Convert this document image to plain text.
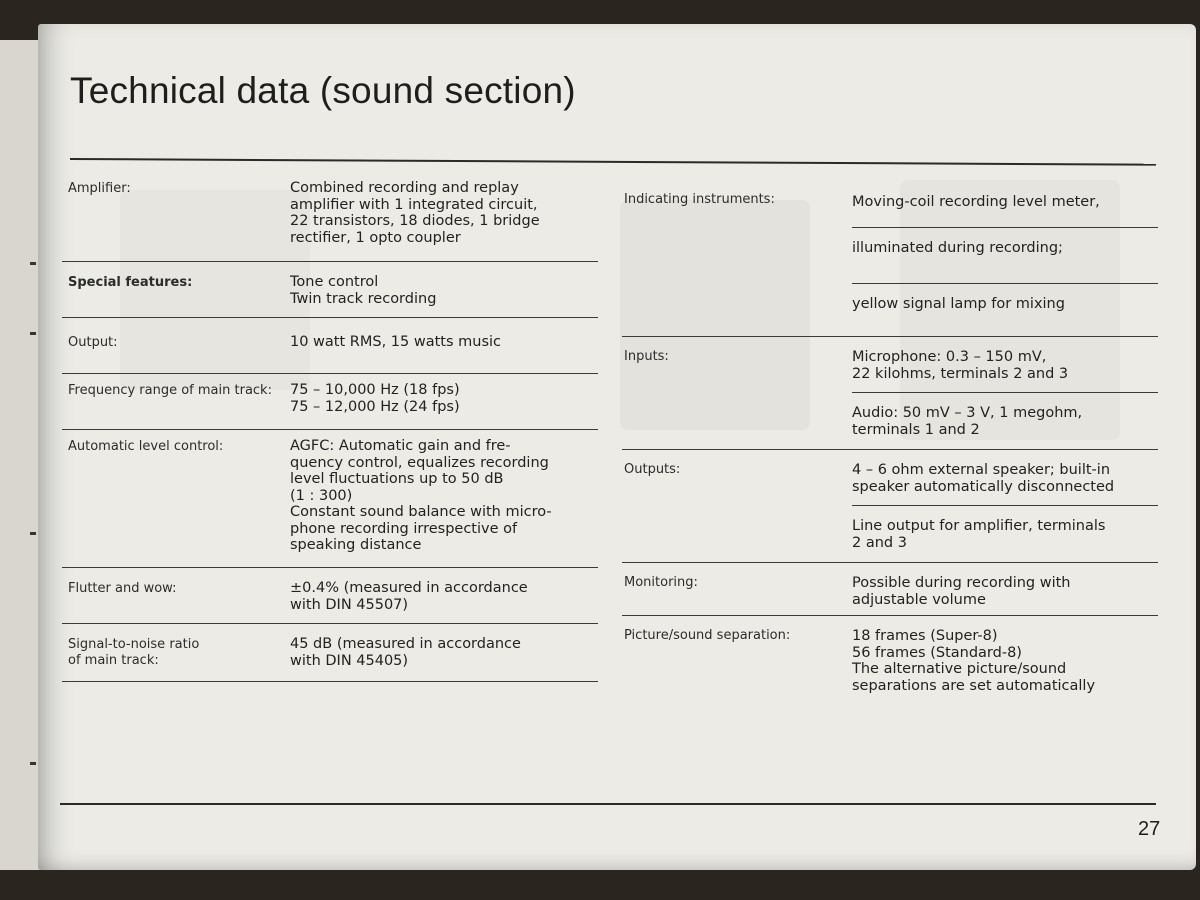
Technical data (sound section)
Amplifier:	Combined recording and replay
amplifier with 1 integrated circuit,
22 transistors, 18 diodes, 1 bridge
rectifier, 1 opto coupler
Special features:	Tone control
Twin track recording
Output:	10 watt RMS, 15 watts music
Frequency range of main track: 75 – 10,000 Hz (18 fps)
75 – 12,000 Hz (24 fps)
Automatic level control:	AGFC: Automatic gain and fre-
quency control, equalizes recording
level fluctuations up to 50 dB
(1 : 300)
Constant sound balance with micro-
phone recording irrespective of
speaking distance
Flutter and wow:	±0.4% (measured in accordance
with DIN 45507)
Signal-to-noise ratio
of main track:
45 dB (measured in accordance
with DIN 45405)
Indicating instruments:	Moving-coil recording level meter,
illuminated during recording;
yellow signal lamp for mixing
Inputs:	Microphone: 0.3 – 150 mV,
22 kilohms, terminals 2 and 3
Audio: 50 mV – 3 V, 1 megohm,
terminals 1 and 2
Outputs:	4 – 6 ohm external speaker; built-in
speaker automatically disconnected
Line output for amplifier, terminals
2 and 3
Monitoring:	Possible during recording with
adjustable volume
Picture/sound separation:	18 frames (Super-8)
56 frames (Standard-8)
The alternative picture/sound
separations are set automatically
27
